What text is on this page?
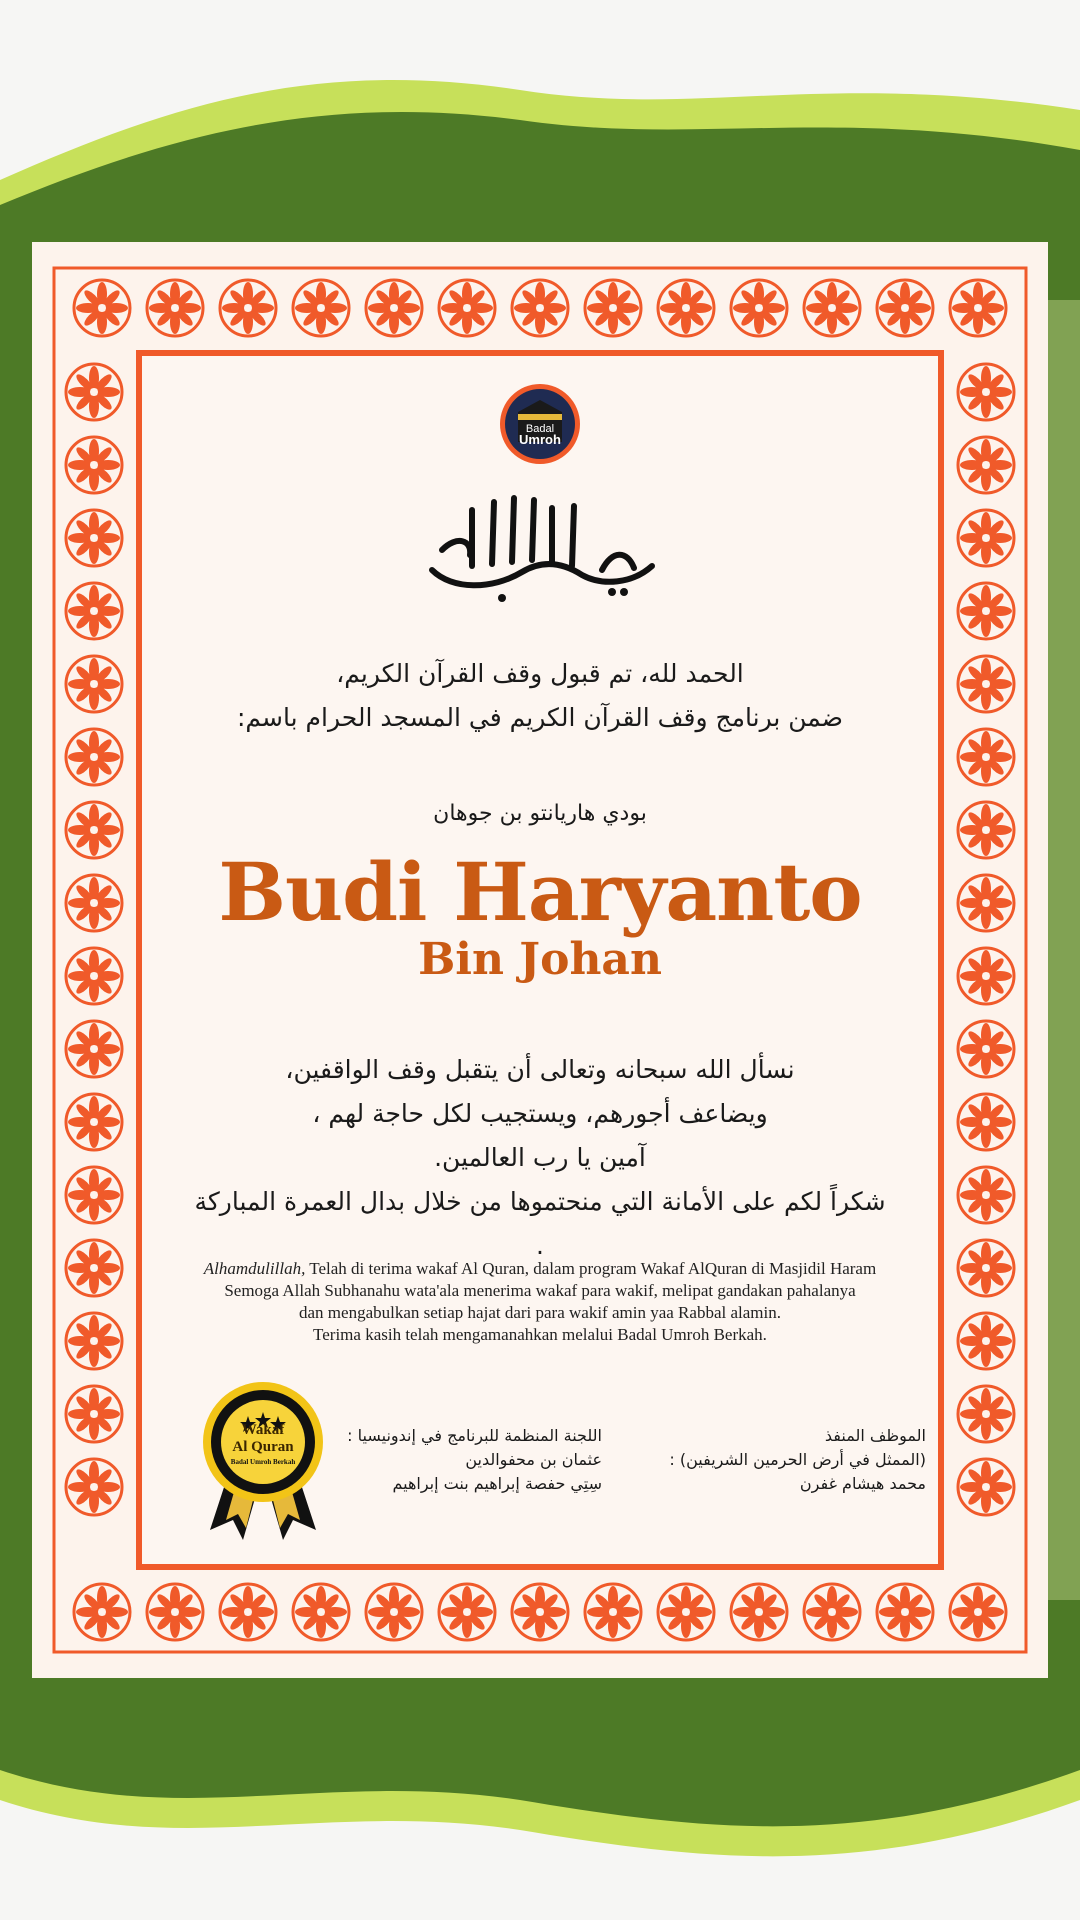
Badal
Umroh
الحمد لله، تم قبول وقف القرآن الكريم،
ضمن برنامج وقف القرآن الكريم في المسجد الحرام باسم:
بودي هاريانتو بن جوهان
Budi Haryanto
Bin Johan
نسأل الله سبحانه وتعالى أن يتقبل وقف الواقفين،
ويضاعف أجورهم، ويستجيب لكل حاجة لهم ،
آمين يا رب العالمين.
شكراً لكم على الأمانة التي منحتموها من خلال بدال العمرة المباركة .
Alhamdulillah, Telah di terima wakaf Al Quran, dalam program Wakaf AlQuran di Masjidil Haram
Semoga Allah Subhanahu wata'ala menerima wakaf para wakif, melipat gandakan pahalanya
dan mengabulkan setiap hajat dari para wakif amin yaa Rabbal alamin.
Terima kasih telah mengamanahkan melalui Badal Umroh Berkah.
Wakaf
Al Quran
Badal Umroh Berkah
اللجنة المنظمة للبرنامج في إندونيسيا :
عثمان بن محفوالدين
سِتِي حفصة إبراهيم بنت إبراهيم
الموظف المنفذ
(الممثل في أرض الحرمين الشريفين) :
محمد هيشام غفرن
